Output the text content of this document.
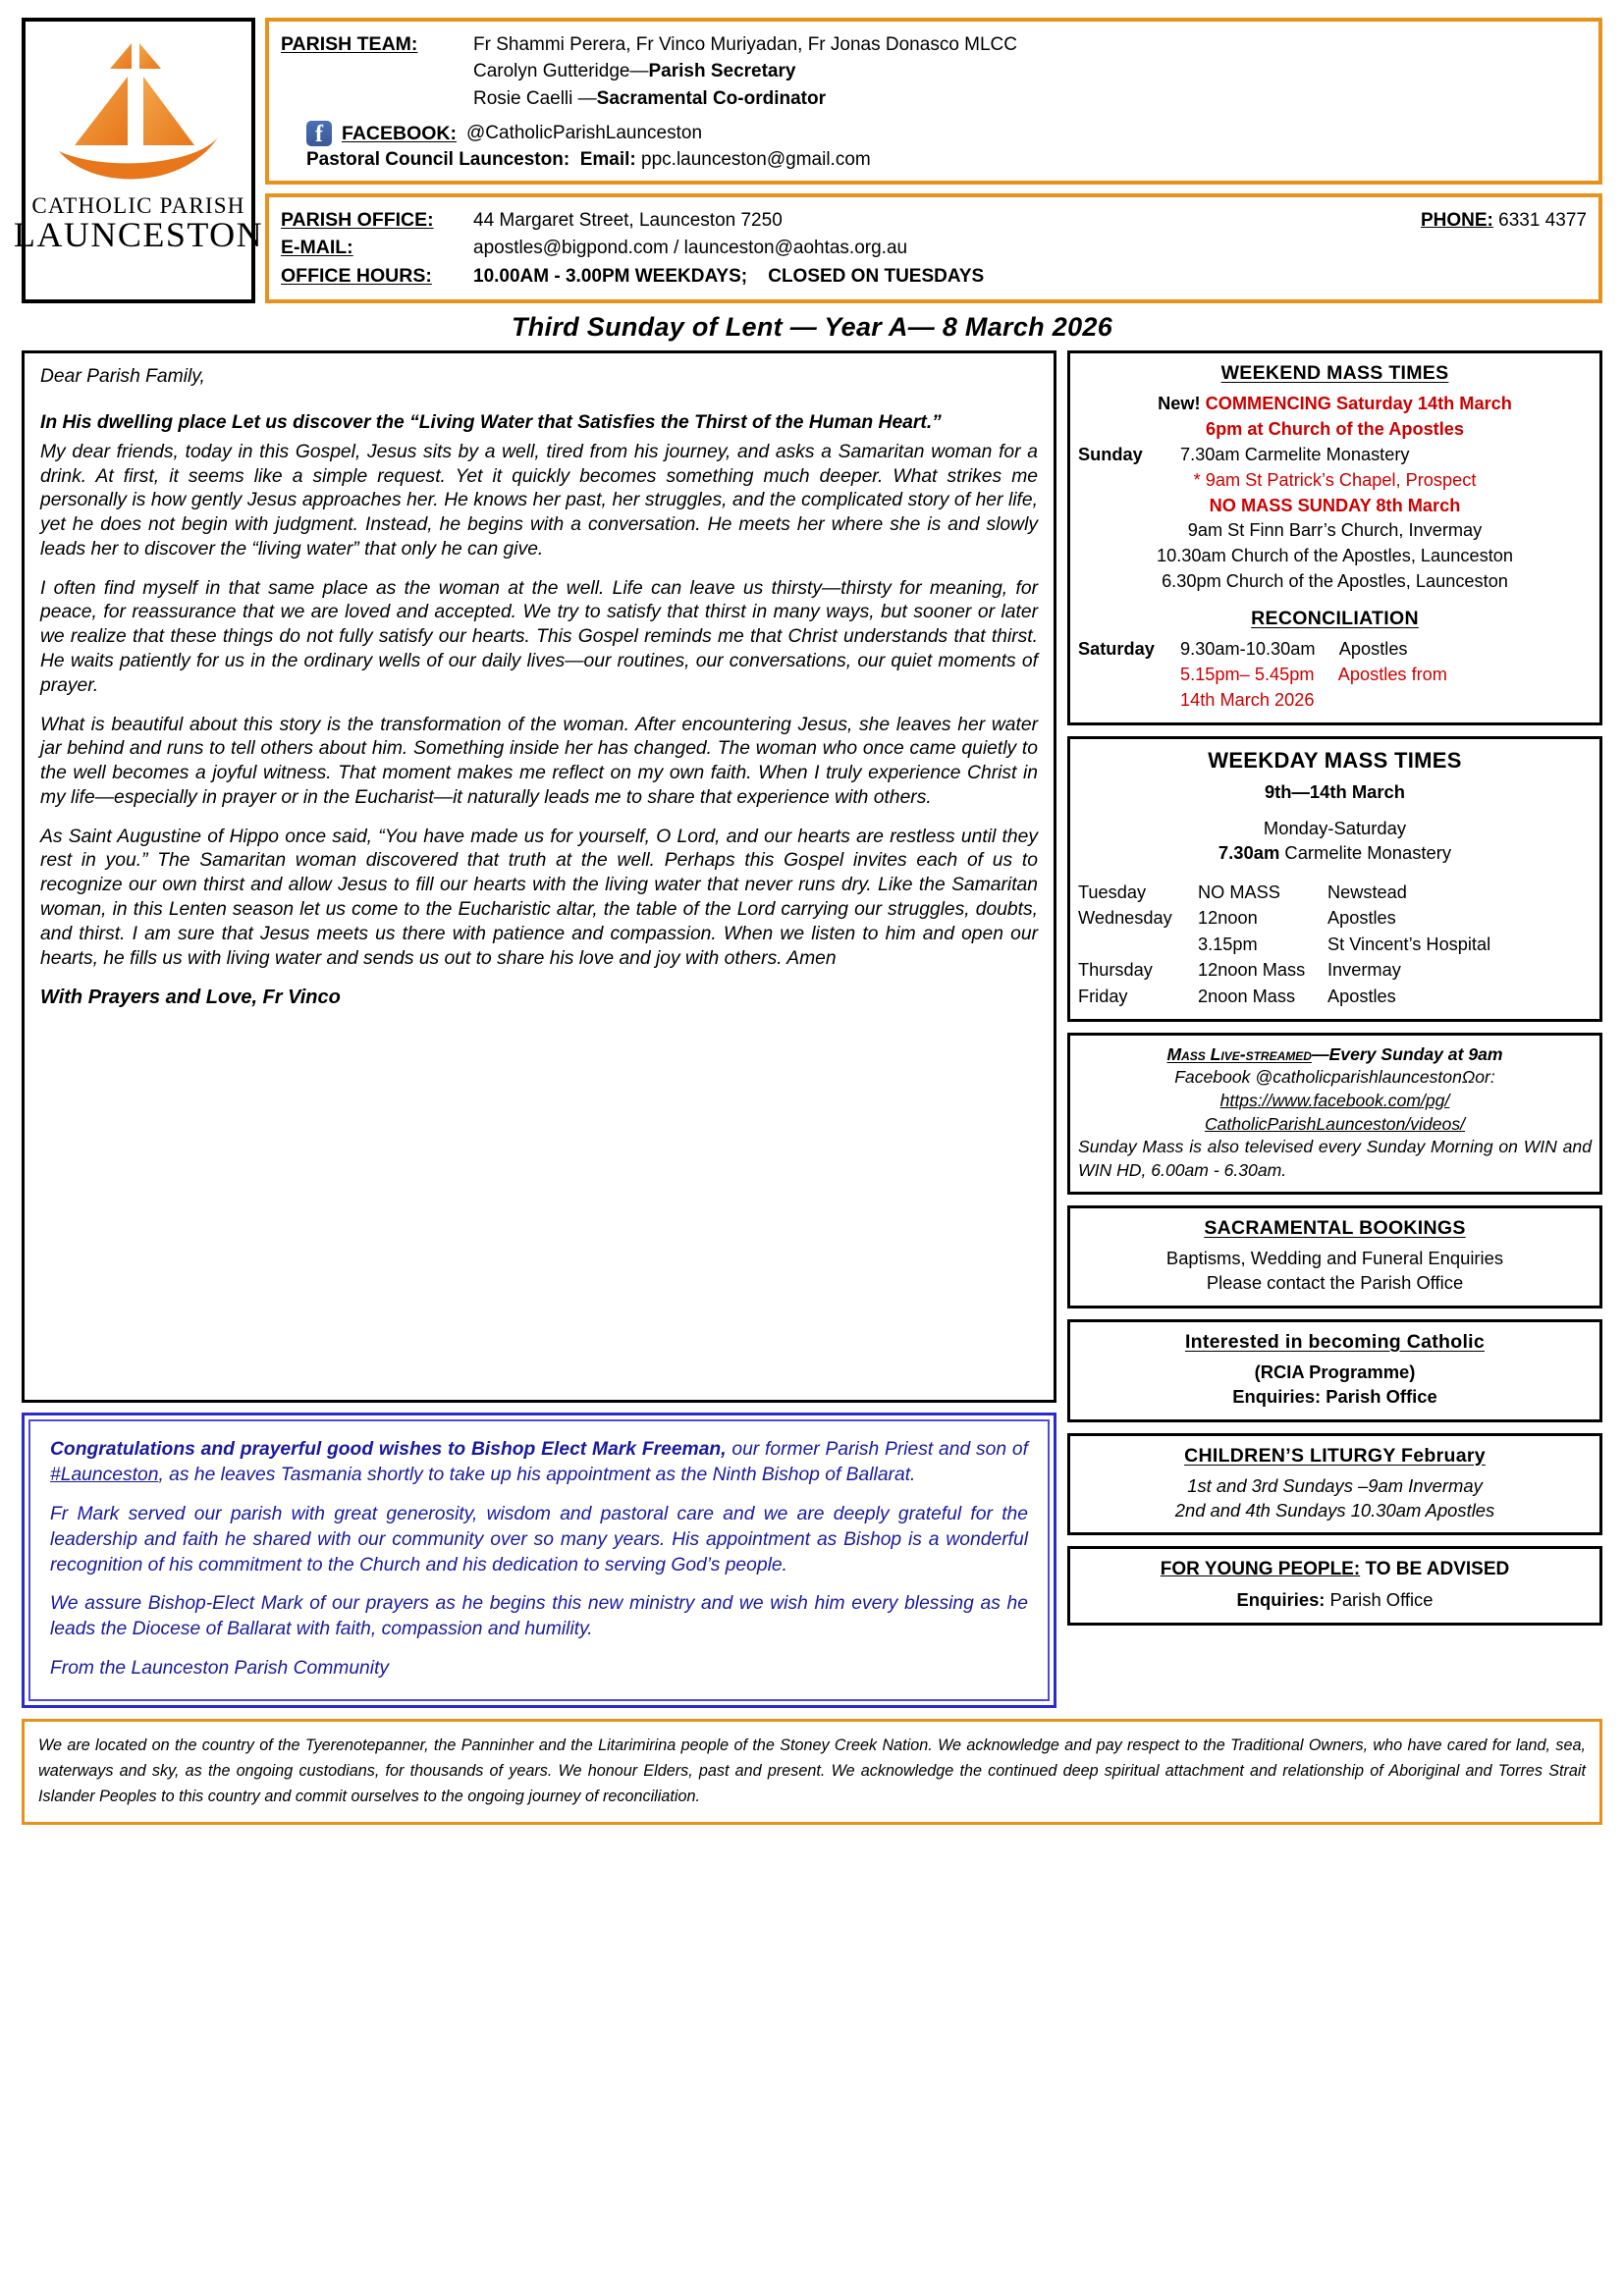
CATHOLIC PARISH
LAUNCESTON
PARISH TEAM:	Fr Shammi Perera, Fr Vinco Muriyadan, Fr Jonas Donasco MLCC
Carolyn Gutteridge— Parish Secretary
Rosie Caelli — Sacramental Co-ordinator
f
FACEBOOK: @CatholicParishLaunceston
Pastoral Council Launceston: Email: ppc.launceston@gmail.com
PARISH OFFICE:	44 Margaret Street, Launceston 7250	PHONE:
6331 4377
E-MAIL:	apostles@bigpond.com / launceston@aohtas.org.au
OFFICE HOURS:	10.00AM - 3.00PM WEEKDAYS;
CLOSED ON TUESDAYS
Third Sunday of Lent — Year A— 8 March 2026

Dear Parish Family,

In His dwelling place Let us discover the “Living Water that Satisfies the Thirst of the Human Heart.”

My dear friends, today in this Gospel, Jesus sits by a well, tired from his journey, and asks a Samaritan woman for a drink. At first, it seems like a simple request. Yet it quickly becomes something much deeper. What strikes me personally is how gently Jesus approaches her. He knows her past, her struggles, and the complicated story of her life, yet he does not begin with judgment. Instead, he begins with a conversation. He meets her where she is and slowly leads her to discover the “living water” that only he can give.

I often find myself in that same place as the woman at the well. Life can leave us thirsty—thirsty for meaning, for peace, for reassurance that we are loved and accepted. We try to satisfy that thirst in many ways, but sooner or later we realize that these things do not fully satisfy our hearts. This Gospel reminds me that Christ understands that thirst. He waits patiently for us in the ordinary wells of our daily lives—our routines, our conversations, our quiet moments of prayer.

What is beautiful about this story is the transformation of the woman. After encountering Jesus, she leaves her water jar behind and runs to tell others about him. Something inside her has changed. The woman who once came quietly to the well becomes a joyful witness. That moment makes me reflect on my own faith. When I truly experience Christ in my life—especially in prayer or in the Eucharist—it naturally leads me to share that experience with others.

As Saint Augustine of Hippo once said, “You have made us for yourself, O Lord, and our hearts are restless until they rest in you.” The Samaritan woman discovered that truth at the well. Perhaps this Gospel invites each of us to recognize our own thirst and allow Jesus to fill our hearts with the living water that never runs dry. Like the Samaritan woman, in this Lenten season let us come to the Eucharistic altar, the table of the Lord carrying our struggles, doubts, and thirst. I am sure that Jesus meets us there with patience and compassion. When we listen to him and open our hearts, he fills us with living water and sends us out to share his love and joy with others. Amen

With Prayers and Love, Fr Vinco

Congratulations and prayerful good wishes to Bishop Elect Mark Freeman, our former Parish Priest and son of #Launceston, as he leaves Tasmania shortly to take up his appointment as the Ninth Bishop of Ballarat.

Fr Mark served our parish with great generosity, wisdom and pastoral care and we are deeply grateful for the leadership and faith he shared with our community over so many years. His appointment as Bishop is a wonderful recognition of his commitment to the Church and his dedication to serving God’s people.

We assure Bishop-Elect Mark of our prayers as he begins this new ministry and we wish him every blessing as he leads the Diocese of Ballarat with faith, compassion and humility.

From the Launceston Parish Community

WEEKEND MASS TIMES
New! COMMENCING Saturday 14th March
6pm at Church of the Apostles
Sunday	7.30am Carmelite Monastery
* 9am St Patrick’s Chapel, Prospect
NO MASS SUNDAY 8th March
9am St Finn Barr’s Church, Invermay
10.30am Church of the Apostles, Launceston
6.30pm Church of the Apostles, Launceston
RECONCILIATION
Saturday	9.30am-10.30am Apostles
5.15pm– 5.45pm Apostles from
14th March 2026
WEEKDAY MASS TIMES
9th—14th March
Monday-Saturday
7.30am Carmelite Monastery
Tuesday	NO MASS	Newstead
Wednesday	12noon	Apostles
3.15pm	St Vincent’s Hospital
Thursday	12noon Mass	Invermay
Friday	2noon Mass	Apostles

Mass Live-streamed—Every Sunday at 9am

Facebook @catholicparishlauncestonΩor:

https://www.facebook.com/pg/

CatholicParishLaunceston/videos/

Sunday Mass is also televised every Sunday Morning on WIN and WIN HD, 6.00am - 6.30am.

SACRAMENTAL BOOKINGS
Baptisms, Wedding and Funeral Enquiries
Please contact the Parish Office
Interested in becoming Catholic
(RCIA Programme)
Enquiries: Parish Office
CHILDREN’S LITURGY February
1st and 3rd Sundays –9am Invermay
2nd and 4th Sundays 10.30am Apostles
FOR YOUNG PEOPLE: TO BE ADVISED
Enquiries: Parish Office

We are located on the country of the Tyerenotepanner, the Panninher and the Litarimirina people of the Stoney Creek Nation. We acknowledge and pay respect to the Traditional Owners, who have cared for land, sea, waterways and sky, as the ongoing custodians, for thousands of years. We honour Elders, past and present. We acknowledge the continued deep spiritual attachment and relationship of Aboriginal and Torres Strait Islander Peoples to this country and commit ourselves to the ongoing journey of reconciliation.
